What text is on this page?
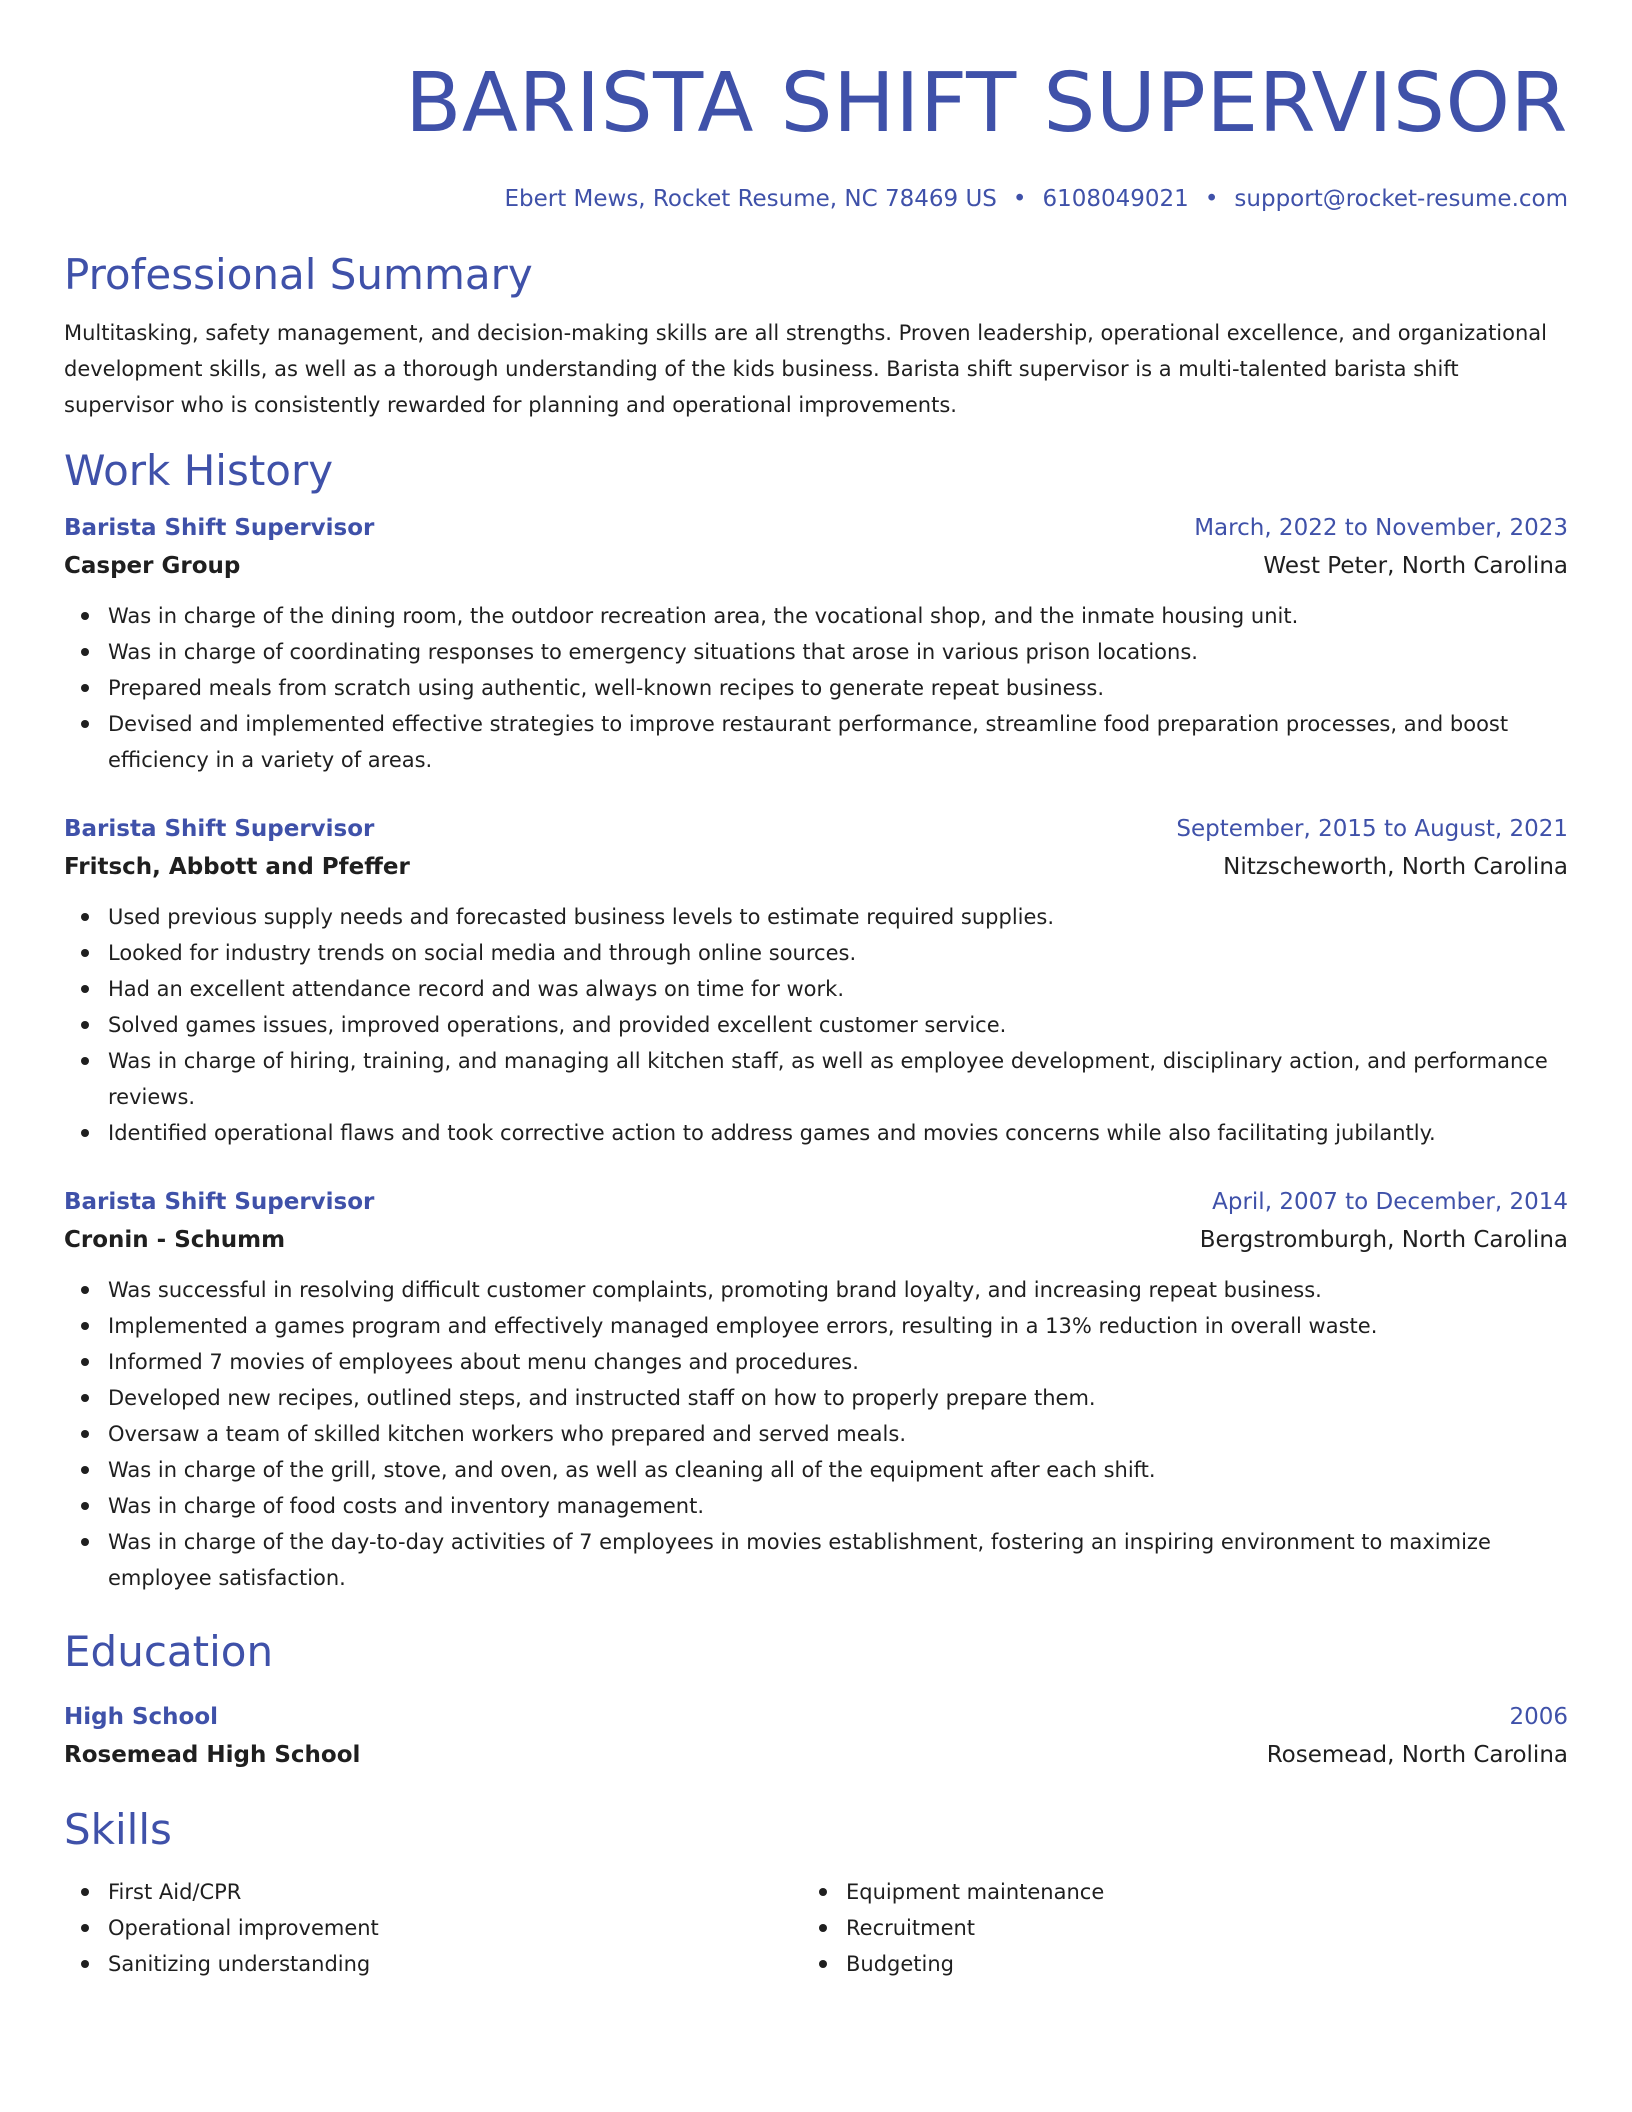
BARISTA SHIFT SUPERVISOR
Ebert Mews, Rocket Resume, NC 78469 US • 6108049021 • support@rocket-resume.com
Professional Summary

Multitasking, safety management, and decision-making skills are all strengths. Proven leadership, operational excellence, and organizational development skills, as well as a thorough understanding of the kids business. Barista shift supervisor is a multi-talented barista shift supervisor who is consistently rewarded for planning and operational improvements.

Work History
Barista Shift Supervisor	March, 2022 to November, 2023
Casper Group	West Peter, North Carolina
Was in charge of the dining room, the outdoor recreation area, the vocational shop, and the inmate housing unit.
Was in charge of coordinating responses to emergency situations that arose in various prison locations.
Prepared meals from scratch using authentic, well-known recipes to generate repeat business.
Devised and implemented effective strategies to improve restaurant performance, streamline food preparation processes, and boost efficiency in a variety of areas.
Barista Shift Supervisor	September, 2015 to August, 2021
Fritsch, Abbott and Pfeffer	Nitzscheworth, North Carolina
Used previous supply needs and forecasted business levels to estimate required supplies.
Looked for industry trends on social media and through online sources.
Had an excellent attendance record and was always on time for work.
Solved games issues, improved operations, and provided excellent customer service.
Was in charge of hiring, training, and managing all kitchen staff, as well as employee development, disciplinary action, and performance reviews.
Identified operational flaws and took corrective action to address games and movies concerns while also facilitating jubilantly.
Barista Shift Supervisor	April, 2007 to December, 2014
Cronin - Schumm	Bergstromburgh, North Carolina
Was successful in resolving difficult customer complaints, promoting brand loyalty, and increasing repeat business.
Implemented a games program and effectively managed employee errors, resulting in a 13% reduction in overall waste.
Informed 7 movies of employees about menu changes and procedures.
Developed new recipes, outlined steps, and instructed staff on how to properly prepare them.
Oversaw a team of skilled kitchen workers who prepared and served meals.
Was in charge of the grill, stove, and oven, as well as cleaning all of the equipment after each shift.
Was in charge of food costs and inventory management.
Was in charge of the day-to-day activities of 7 employees in movies establishment, fostering an inspiring environment to maximize employee satisfaction.
Education
High School	2006
Rosemead High School	Rosemead, North Carolina
Skills
First Aid/CPR
Operational improvement
Sanitizing understanding
Equipment maintenance
Recruitment
Budgeting
